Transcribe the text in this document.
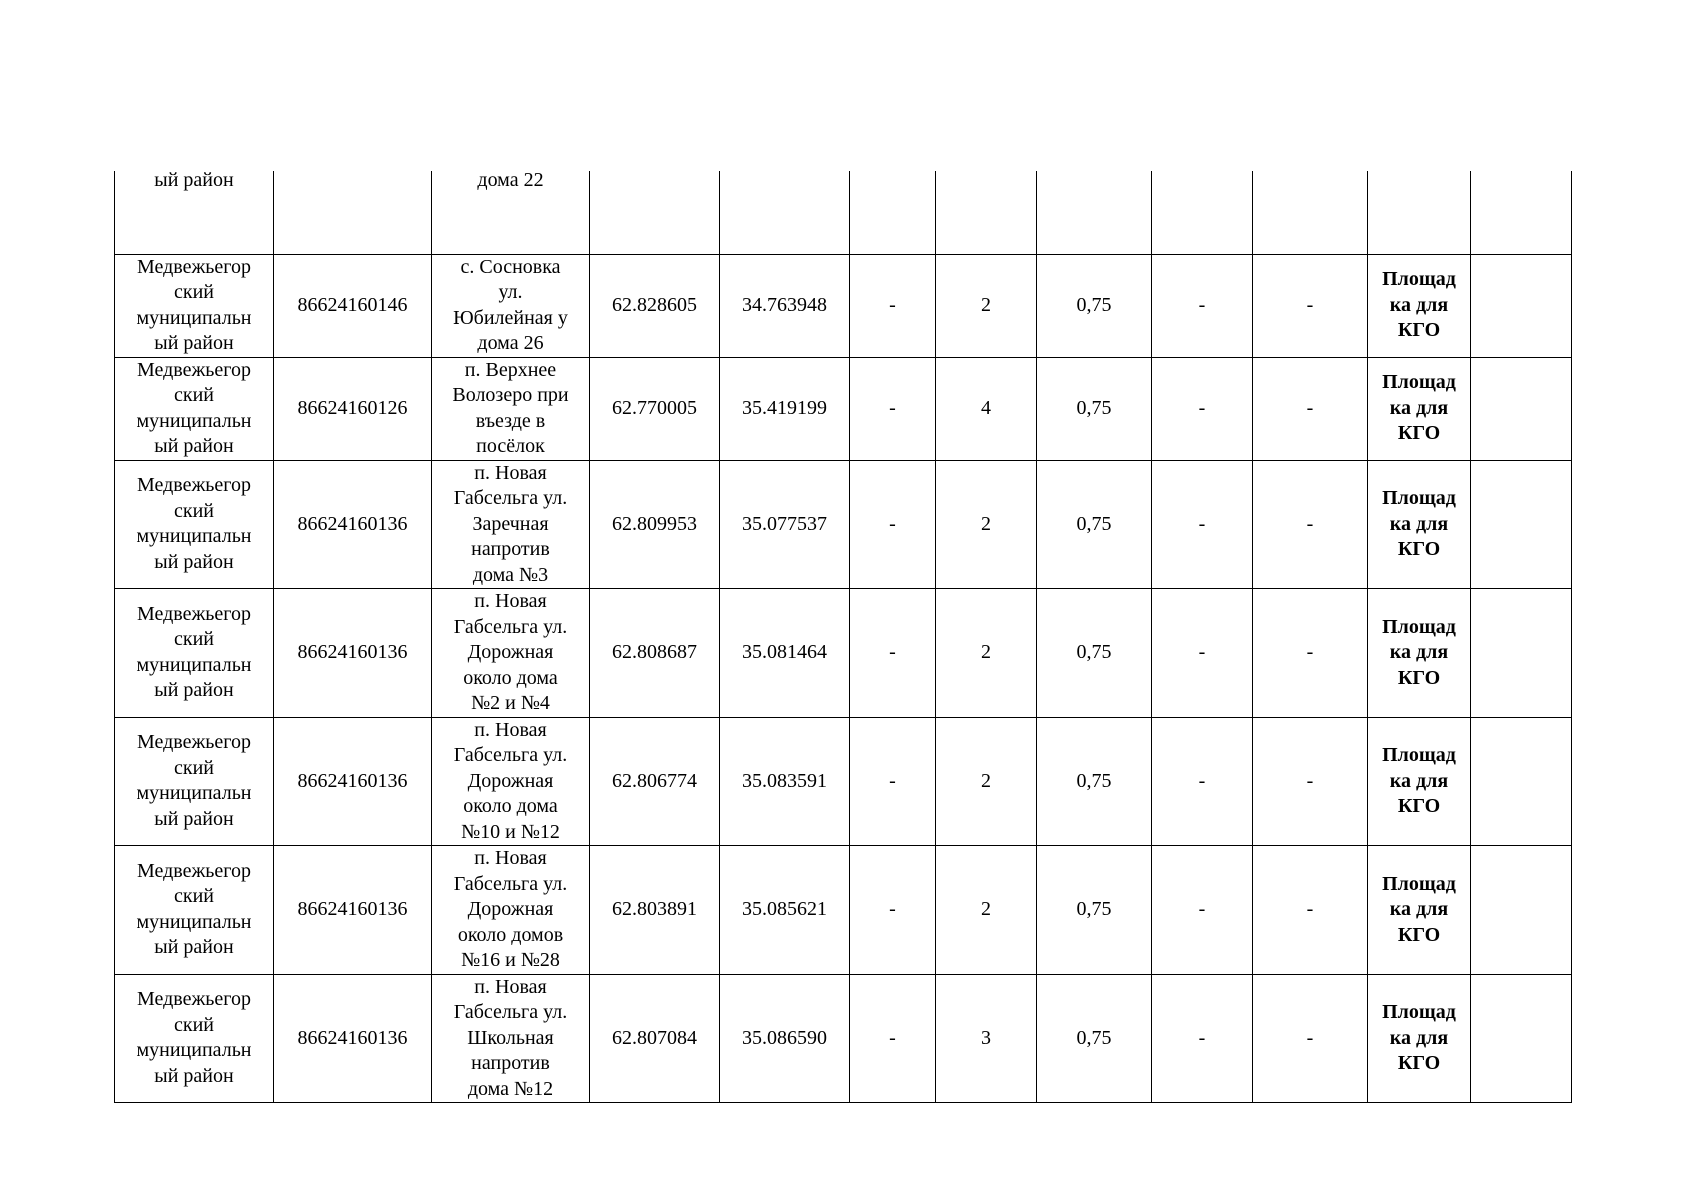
ый район		дома 22									

Медвежьегор
ский
муниципальн
ый район	86624160146	с. Сосновка
ул.
Юбилейная у
дома 26	62.828605	34.763948	-	2	0,75	-	-	Площад
ка для
КГО	

Медвежьегор
ский
муниципальн
ый район	86624160126	п. Верхнее
Волозеро при
въезде в
посёлок	62.770005	35.419199	-	4	0,75	-	-	Площад
ка для
КГО	

Медвежьегор
ский
муниципальн
ый район	86624160136	п. Новая
Габсельга ул.
Заречная
напротив
дома №3	62.809953	35.077537	-	2	0,75	-	-	Площад
ка для
КГО	

Медвежьегор
ский
муниципальн
ый район	86624160136	п. Новая
Габсельга ул.
Дорожная
около дома
№2 и №4	62.808687	35.081464	-	2	0,75	-	-	Площад
ка для
КГО	

Медвежьегор
ский
муниципальн
ый район	86624160136	п. Новая
Габсельга ул.
Дорожная
около дома
№10 и №12	62.806774	35.083591	-	2	0,75	-	-	Площад
ка для
КГО	

Медвежьегор
ский
муниципальн
ый район	86624160136	п. Новая
Габсельга ул.
Дорожная
около домов
№16 и №28	62.803891	35.085621	-	2	0,75	-	-	Площад
ка для
КГО	

Медвежьегор
ский
муниципальн
ый район	86624160136	п. Новая
Габсельга ул.
Школьная
напротив
дома №12	62.807084	35.086590	-	3	0,75	-	-	Площад
ка для
КГО	
